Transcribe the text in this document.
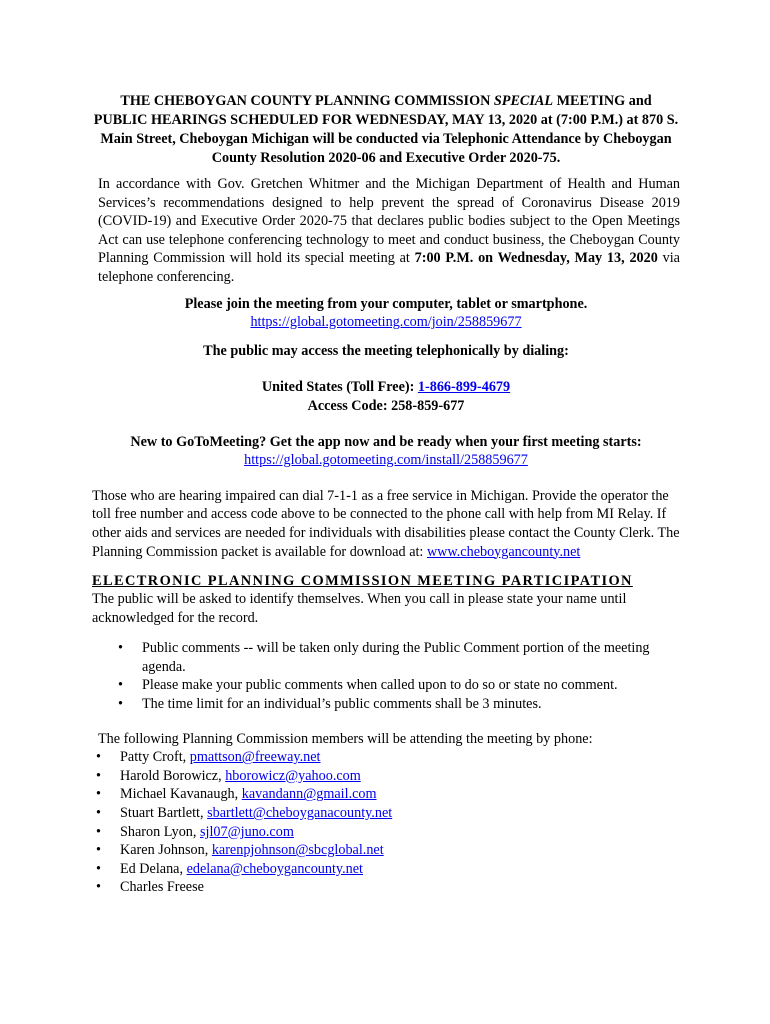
THE CHEBOYGAN COUNTY PLANNING COMMISSION SPECIAL MEETING and PUBLIC HEARINGS SCHEDULED FOR WEDNESDAY, MAY 13, 2020 at (7:00 P.M.) at 870 S. Main Street, Cheboygan Michigan will be conducted via Telephonic Attendance by Cheboygan County Resolution 2020-06 and Executive Order 2020-75.

In accordance with Gov. Gretchen Whitmer and the Michigan Department of Health and Human Services’s recommendations designed to help prevent the spread of Coronavirus Disease 2019 (COVID-19) and Executive Order 2020-75 that declares public bodies subject to the Open Meetings Act can use telephone conferencing technology to meet and conduct business, the Cheboygan County Planning Commission will hold its special meeting at 7:00 P.M. on Wednesday, May 13, 2020 via telephone conferencing.
Please join the meeting from your computer, tablet or smartphone.
https://global.gotomeeting.com/join/258859677
The public may access the meeting telephonically by dialing:
United States (Toll Free): 1-866-899-4679
Access Code: 258-859-677
New to GoToMeeting? Get the app now and be ready when your first meeting starts:
https://global.gotomeeting.com/install/258859677
Those who are hearing impaired can dial 7-1-1 as a free service in Michigan. Provide the operator the toll free number and access code above to be connected to the phone call with help from MI Relay. If other aids and services are needed for individuals with disabilities please contact the County Clerk. The Planning Commission packet is available for download at: www.cheboygancounty.net
ELECTRONIC PLANNING COMMISSION MEETING PARTICIPATION
The public will be asked to identify themselves. When you call in please state your name until acknowledged for the record.
• Public comments -- will be taken only during the Public Comment portion of the meeting agenda.
• Please make your public comments when called upon to do so or state no comment.
• The time limit for an individual’s public comments shall be 3 minutes.
The following Planning Commission members will be attending the meeting by phone:
• Patty Croft, pmattson@freeway.net
• Harold Borowicz, hborowicz@yahoo.com
• Michael Kavanaugh, kavandann@gmail.com
• Stuart Bartlett, sbartlett@cheboyganacounty.net
• Sharon Lyon, sjl07@juno.com
• Karen Johnson, karenpjohnson@sbcglobal.net
• Ed Delana, edelana@cheboygancounty.net
• Charles Freese
